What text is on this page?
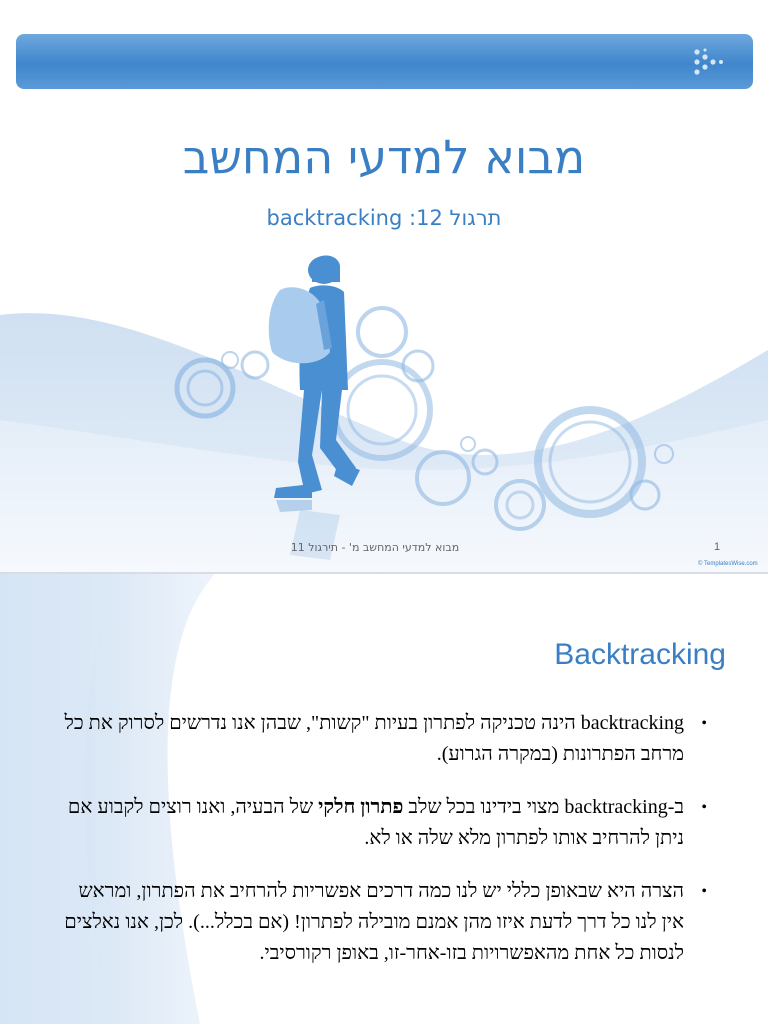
מבוא למדעי המחשב
תרגול 12: backtracking
מבוא למדעי המחשב מ' - תירגול 11	1
© TemplatesWise.com
Backtracking
•
backtracking הינה טכניקה לפתרון בעיות "קשות", שבהן אנו נדרשים לסרוק את כל מרחב הפתרונות (במקרה הגרוע).
•
ב-backtracking מצוי בידינו בכל שלב פתרון חלקי של הבעיה, ואנו רוצים לקבוע אם ניתן להרחיב אותו לפתרון מלא שלה או לא.
•
הצרה היא שבאופן כללי יש לנו כמה דרכים אפשריות להרחיב את הפתרון, ומראש אין לנו כל דרך לדעת איזו מהן אמנם מובילה לפתרון! (אם בכלל...). לכן, אנו נאלצים לנסות כל אחת מהאפשרויות בזו-אחר-זו, באופן רקורסיבי.
